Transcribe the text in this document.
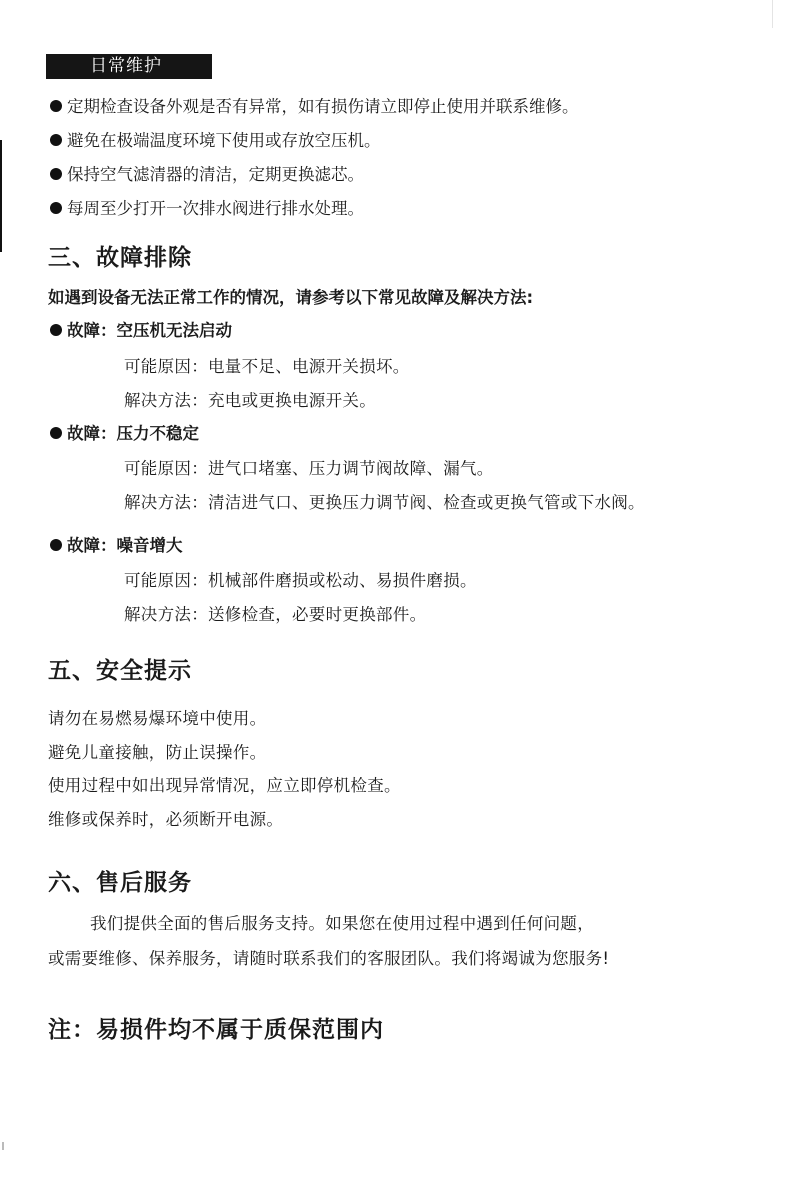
日常维护
定期检查设备外观是否有异常，如有损伤请立即停止使用并联系维修。
避免在极端温度环境下使用或存放空压机。
保持空气滤清器的清洁，定期更换滤芯。
每周至少打开一次排水阀进行排水处理。
三、故障排除
如遇到设备无法正常工作的情况，请参考以下常见故障及解决方法:
故障：空压机无法启动
可能原因：电量不足、电源开关损坏。
解决方法：充电或更换电源开关。
故障：压力不稳定
可能原因：进气口堵塞、压力调节阀故障、漏气。
解决方法：清洁进气口、更换压力调节阀、检查或更换气管或下水阀。
故障：噪音增大
可能原因：机械部件磨损或松动、易损件磨损。
解决方法：送修检查，必要时更换部件。
五、安全提示
请勿在易燃易爆环境中使用。
避免儿童接触，防止误操作。
使用过程中如出现异常情况，应立即停机检查。
维修或保养时，必须断开电源。
六、售后服务
我们提供全面的售后服务支持。如果您在使用过程中遇到任何问题，
或需要维修、保养服务，请随时联系我们的客服团队。我们将竭诚为您服务!
注：易损件均不属于质保范围内
